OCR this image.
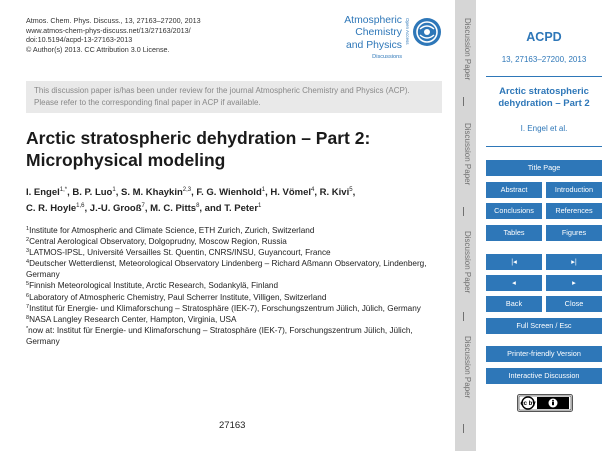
Atmos. Chem. Phys. Discuss., 13, 27163–27200, 2013
www.atmos-chem-phys-discuss.net/13/27163/2013/
doi:10.5194/acpd-13-27163-2013
© Author(s) 2013. CC Attribution 3.0 License.
Atmospheric
Chemistry
and Physics
Discussions
Open Access
This discussion paper is/has been under review for the journal Atmospheric Chemistry and Physics (ACP). Please refer to the corresponding final paper in ACP if available.
Arctic stratospheric dehydration – Part 2:
Microphysical modeling
I. Engel$^{1,*}$, B. P. Luo$^1$, S. M. Khaykin$^{2,3}$, F. G. Wienhold$^1$, H. Vömel$^4$, R. Kivi$^5$,
C. R. Hoyle$^{1,6}$, J.-U. Grooß$^7$, M. C. Pitts$^8$, and T. Peter$^1$
$^1$Institute for Atmospheric and Climate Science, ETH Zurich, Zurich, Switzerland
$^2$Central Aerological Observatory, Dolgoprudny, Moscow Region, Russia
$^3$LATMOS-IPSL, Université Versailles St. Quentin, CNRS/INSU, Guyancourt, France
$^4$Deutscher Wetterdienst, Meteorological Observatory Lindenberg – Richard Aßmann Observatory, Lindenberg, Germany
$^5$Finnish Meteorological Institute, Arctic Research, Sodankylä, Finland
$^6$Laboratory of Atmospheric Chemistry, Paul Scherrer Institute, Villigen, Switzerland
$^7$Institut für Energie- und Klimaforschung – Stratosphäre (IEK-7), Forschungszentrum Jülich, Jülich, Germany
$^8$NASA Langley Research Center, Hampton, Virginia, USA
*now at: Institut für Energie- und Klimaforschung – Stratosphäre (IEK-7), Forschungszentrum Jülich, Jülich, Germany
27163
Discussion Paper
Discussion Paper
Discussion Paper
Discussion Paper
ACPD
13, 27163–27200, 2013
Arctic stratospheric dehydration – Part 2
I. Engel et al.
Title Page
Abstract	Introduction
Conclusions	References
Tables	Figures
|◂	▸|
◂	▸
Back	Close
Full Screen / Esc
Printer-friendly Version
Interactive Discussion
cc by
